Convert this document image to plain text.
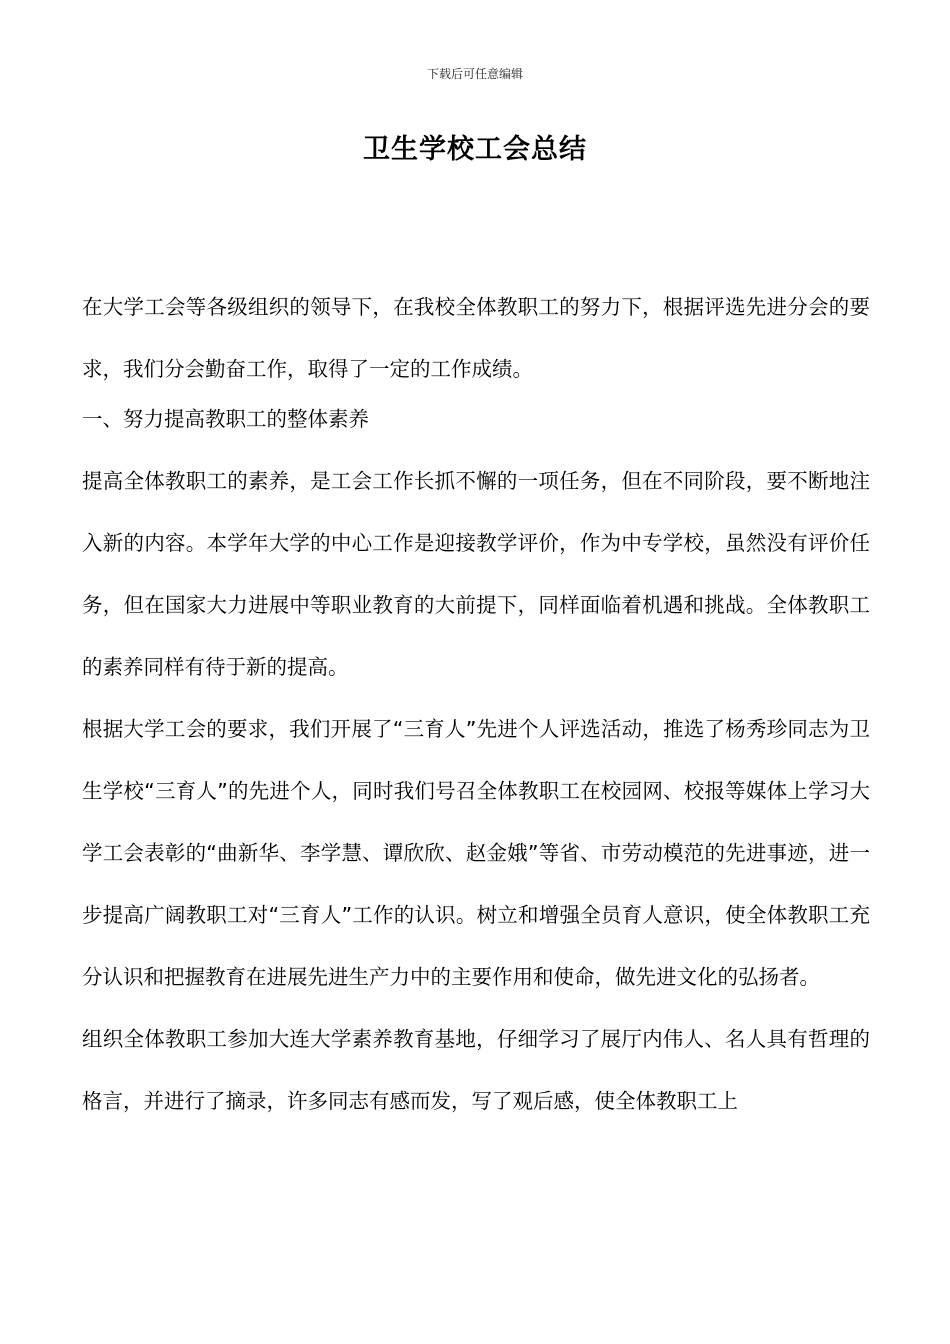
下载后可任意编辑
卫生学校工会总结

在大学工会等各级组织的领导下，在我校全体教职工的努力下，根据评选先进分会的要求，我们分会勤奋工作，取得了一定的工作成绩。

一、努力提高教职工的整体素养

提高全体教职工的素养，是工会工作长抓不懈的一项任务，但在不同阶段，要不断地注入新的内容。本学年大学的中心工作是迎接教学评价，作为中专学校，虽然没有评价任务，但在国家大力进展中等职业教育的大前提下，同样面临着机遇和挑战。全体教职工的素养同样有待于新的提高。

根据大学工会的要求，我们开展了“三育人”先进个人评选活动，推选了杨秀珍同志为卫生学校“三育人”的先进个人，同时我们号召全体教职工在校园网、校报等媒体上学习大学工会表彰的“曲新华、李学慧、谭欣欣、赵金娥”等省、市劳动模范的先进事迹，进一步提高广阔教职工对“三育人”工作的认识。树立和增强全员育人意识，使全体教职工充分认识和把握教育在进展先进生产力中的主要作用和使命，做先进文化的弘扬者。

组织全体教职工参加大连大学素养教育基地，仔细学习了展厅内伟人、名人具有哲理的格言，并进行了摘录，许多同志有感而发，写了观后感，使全体教职工上
